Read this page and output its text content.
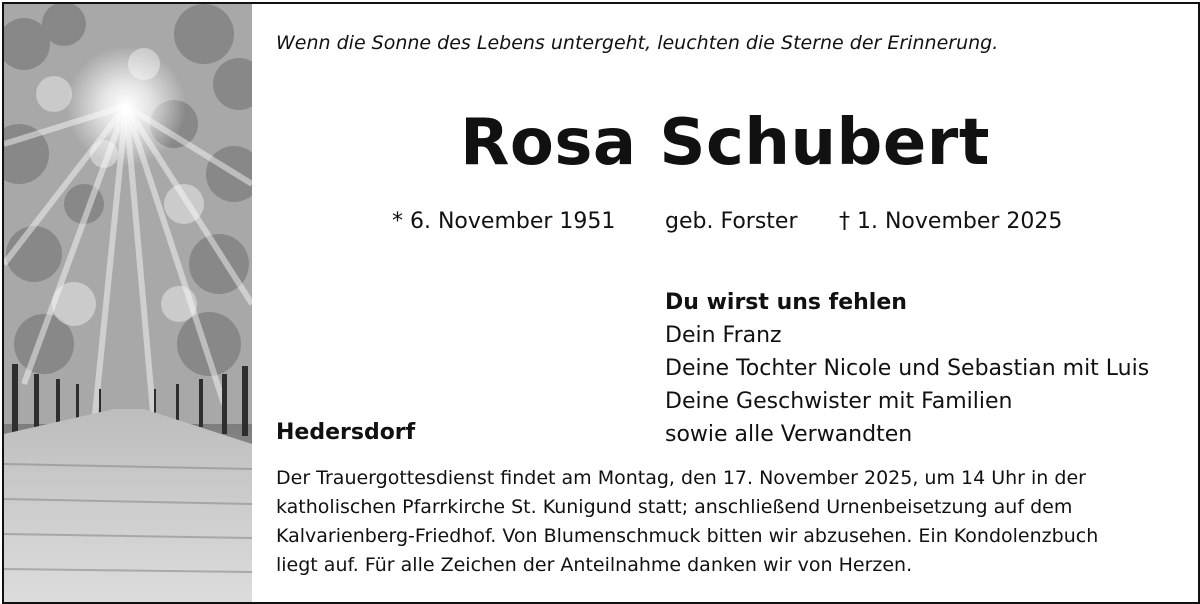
Wenn die Sonne des Lebens untergeht, leuchten die Sterne der Erinnerung.
Rosa Schubert
* 6. November 1951 geb. Forster † 1. November 2025
Du wirst uns fehlen
Dein Franz
Deine Tochter Nicole und Sebastian mit Luis
Deine Geschwister mit Familien
sowie alle Verwandten
Hedersdorf
Der Trauergottesdienst findet am Montag, den 17. November 2025, um 14 Uhr in der
katholischen Pfarrkirche St. Kunigund statt; anschließend Urnenbeisetzung auf dem
Kalvarienberg-Friedhof. Von Blumenschmuck bitten wir abzusehen. Ein Kondolenzbuch
liegt auf. Für alle Zeichen der Anteilnahme danken wir von Herzen.
